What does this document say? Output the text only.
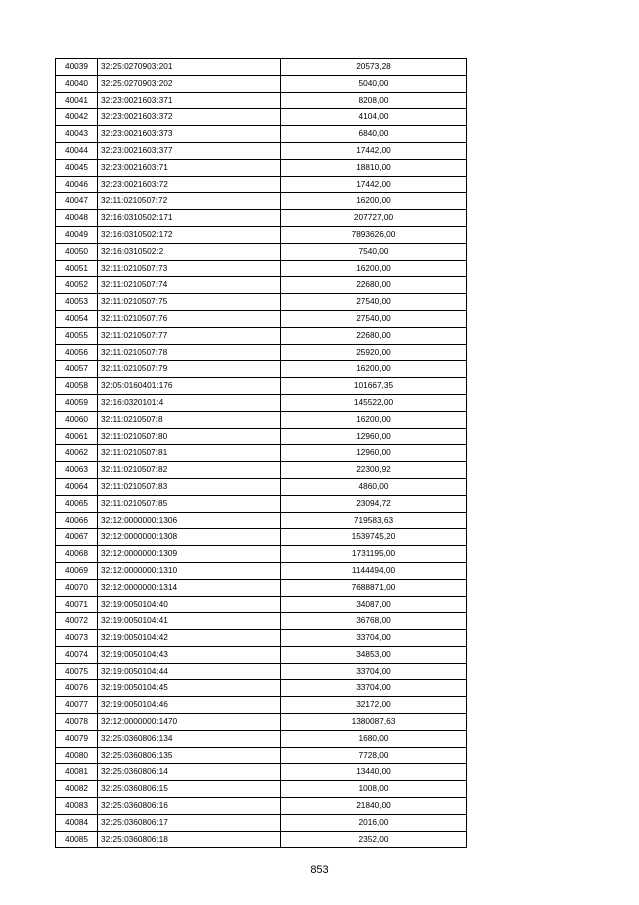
40039	32:25:0270903:201	20573,28
40040	32:25:0270903:202	5040,00
40041	32:23:0021603:371	8208,00
40042	32:23:0021603:372	4104,00
40043	32:23:0021603:373	6840,00
40044	32:23:0021603:377	17442,00
40045	32:23:0021603:71	18810,00
40046	32:23:0021603:72	17442,00
40047	32:11:0210507:72	16200,00
40048	32:16:0310502:171	207727,00
40049	32:16:0310502:172	7893626,00
40050	32:16:0310502:2	7540,00
40051	32:11:0210507:73	16200,00
40052	32:11:0210507:74	22680,00
40053	32:11:0210507:75	27540,00
40054	32:11:0210507:76	27540,00
40055	32:11:0210507:77	22680,00
40056	32:11:0210507:78	25920,00
40057	32:11:0210507:79	16200,00
40058	32:05:0160401:176	101667,35
40059	32:16:0320101:4	145522,00
40060	32:11:0210507:8	16200,00
40061	32:11:0210507:80	12960,00
40062	32:11:0210507:81	12960,00
40063	32:11:0210507:82	22300,92
40064	32:11:0210507:83	4860,00
40065	32:11:0210507:85	23094,72
40066	32:12:0000000:1306	719583,63
40067	32:12:0000000:1308	1539745,20
40068	32:12:0000000:1309	1731195,00
40069	32:12:0000000:1310	1144494,00
40070	32:12:0000000:1314	7688871,00
40071	32:19:0050104:40	34087,00
40072	32:19:0050104:41	36768,00
40073	32:19:0050104:42	33704,00
40074	32:19:0050104:43	34853,00
40075	32:19:0050104:44	33704,00
40076	32:19:0050104:45	33704,00
40077	32:19:0050104:46	32172,00
40078	32:12:0000000:1470	1380087,63
40079	32:25:0360806:134	1680,00
40080	32:25:0360806:135	7728,00
40081	32:25:0360806:14	13440,00
40082	32:25:0360806:15	1008,00
40083	32:25:0360806:16	21840,00
40084	32:25:0360806:17	2016,00
40085	32:25:0360806:18	2352,00
853
